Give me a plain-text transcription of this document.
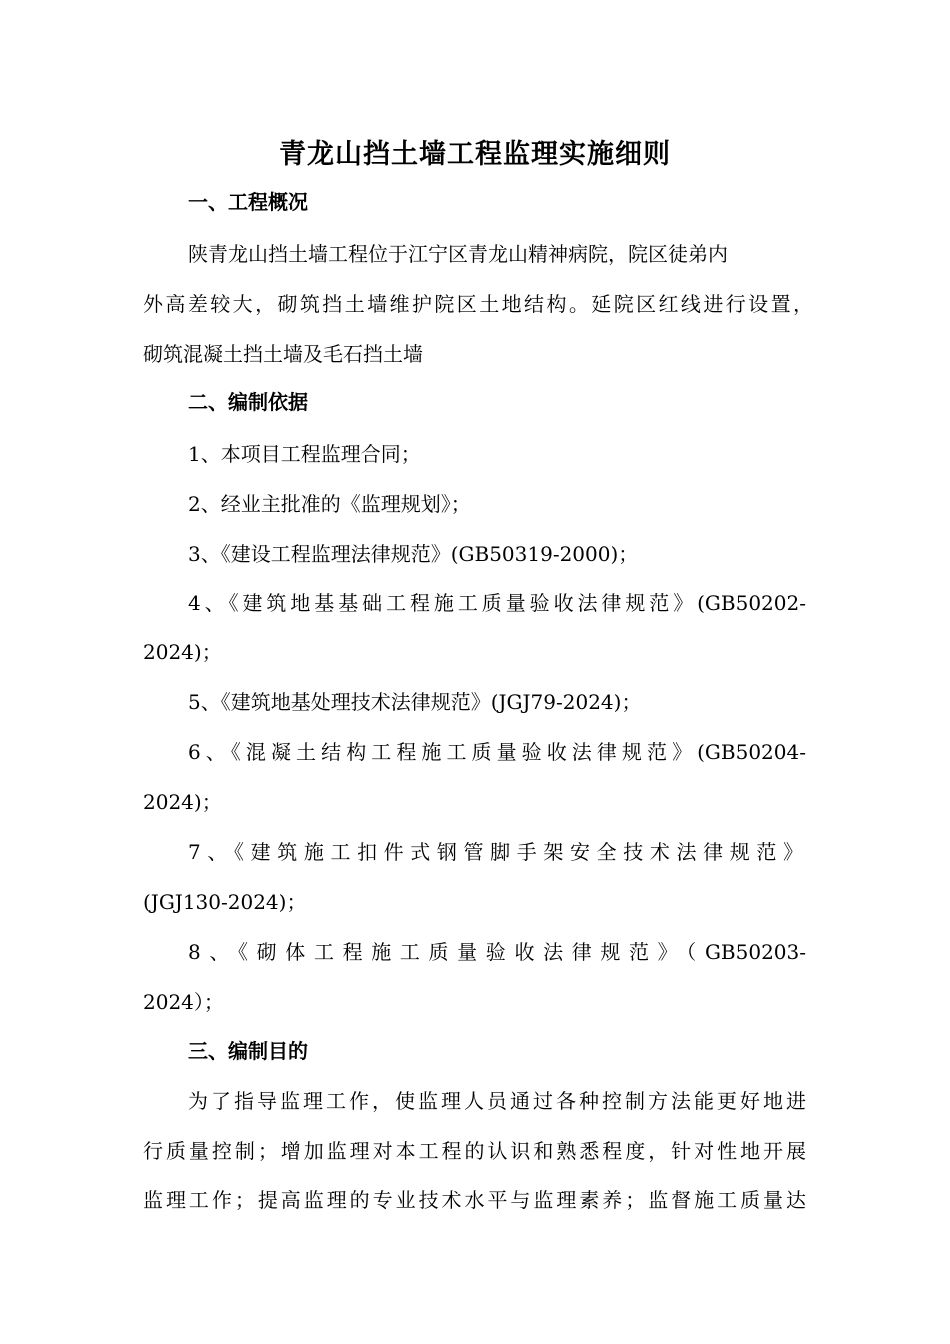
青龙山挡土墙工程监理实施细则
一、工程概况
陕青龙山挡土墙工程位于江宁区青龙山精神病院，院区徒弟内
外高差较大，砌筑挡土墙维护院区土地结构。延院区红线进行设置，
砌筑混凝土挡土墙及毛石挡土墙
二、编制依据
1、本项目工程监理合同；
2、经业主批准的《监理规划》；
3、《建设工程监理法律规范》(GB50319-2000)；
4、《建筑地基基础工程施工质量验收法律规范》(GB50202-
2024)；
5、《建筑地基处理技术法律规范》(JGJ79-2024)；
6、《混凝土结构工程施工质量验收法律规范》(GB50204-
2024)；
7、《建筑施工扣件式钢管脚手架安全技术法律规范》
(JGJ130-2024)；
8、《砌体工程施工质量验收法律规范》（GB50203-
2024）；
三、编制目的
为了指导监理工作，使监理人员通过各种控制方法能更好地进
行质量控制；增加监理对本工程的认识和熟悉程度，针对性地开展
监理工作；提高监理的专业技术水平与监理素养；监督施工质量达
